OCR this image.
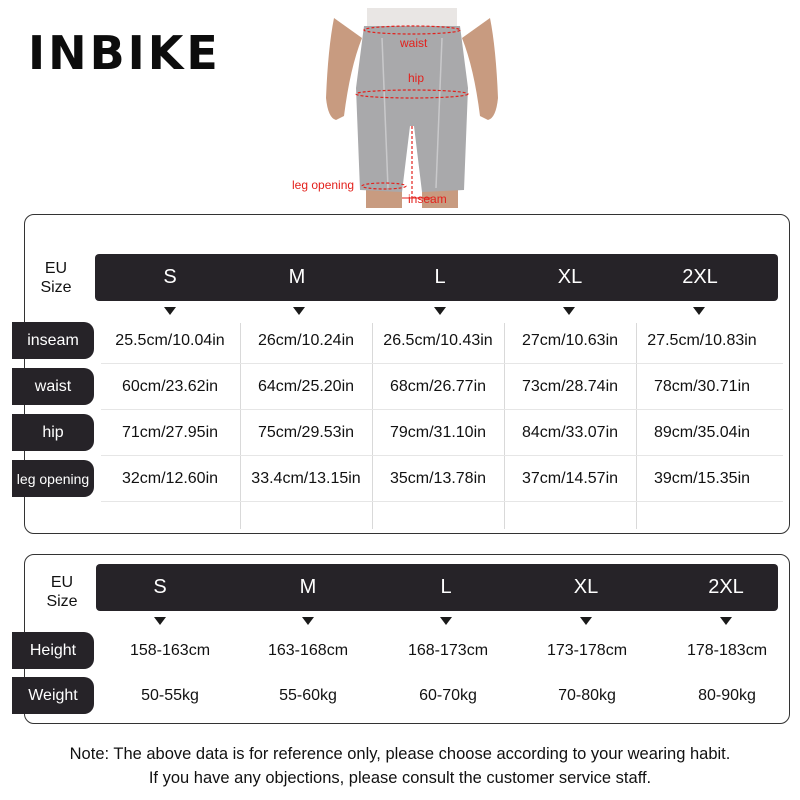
INBIKE	waist
hip
leg opening
inseam
EU
Size	S	M	L	XL	2XL
inseam	25.5cm/10.04in	26cm/10.24in	26.5cm/10.43in	27cm/10.63in	27.5cm/10.83in
waist	60cm/23.62in	64cm/25.20in	68cm/26.77in	73cm/28.74in	78cm/30.71in
hip	71cm/27.95in	75cm/29.53in	79cm/31.10in	84cm/33.07in	89cm/35.04in
leg opening	32cm/12.60in	33.4cm/13.15in	35cm/13.78in	37cm/14.57in	39cm/15.35in
EU
Size
S	M	L	XL	2XL
Height	158-163cm	163-168cm	168-173cm	173-178cm	178-183cm
Weight	50-55kg	55-60kg	60-70kg	70-80kg	80-90kg
Note: The above data is for reference only, please choose according to your wearing habit.
If you have any objections, please consult the customer service staff.
